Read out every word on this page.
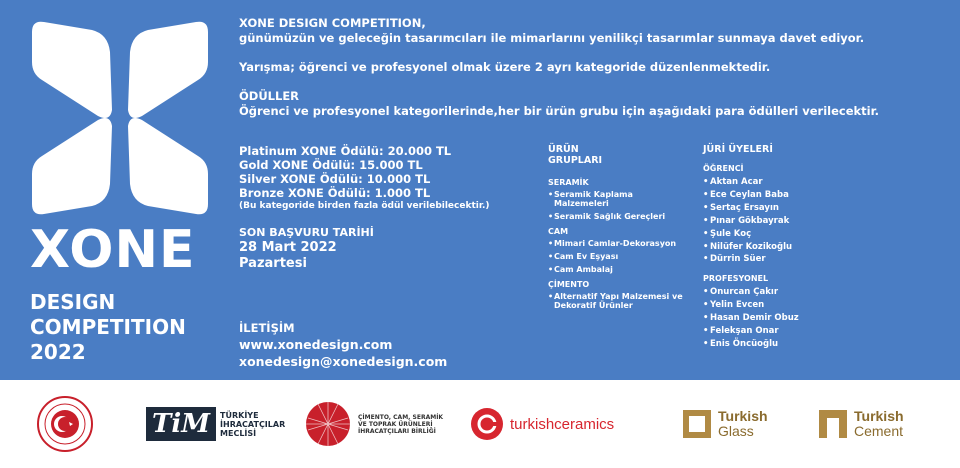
XONE
DESIGN
COMPETITION
2022

XONE DESIGN COMPETITION,
günümüzün ve geleceğin tasarımcıları ile mimarlarını yenilikçi tasarımlar sunmaya davet ediyor.

Yarışma; öğrenci ve profesyonel olmak üzere 2 ayrı kategoride düzenlenmektedir.

ÖDÜLLER
Öğrenci ve profesyonel kategorilerinde,her bir ürün grubu için aşağıdaki para ödülleri verilecektir.

Platinum XONE Ödülü: 20.000 TL
Gold XONE Ödülü: 15.000 TL
Silver XONE Ödülü: 10.000 TL
Bronze XONE Ödülü: 1.000 TL
(Bu kategoride birden fazla ödül verilebilecektir.)
SON BAŞVURU TARİHİ
28 Mart 2022
Pazartesi
İLETİŞİM
www.xonedesign.com
xonedesign@xonedesign.com
ÜRÜN
GRUPLARI
SERAMİK
• Seramik Kaplama Malzemeleri
• Seramik Sağlık Gereçleri
CAM
• Mimari Camlar-Dekorasyon
• Cam Ev Eşyası
• Cam Ambalaj
ÇİMENTO
• Alternatif Yapı Malzemesi ve Dekoratif Ürünler
JÜRİ ÜYELERİ
ÖĞRENCİ
• Aktan Acar
• Ece Ceylan Baba
• Sertaç Ersayın
• Pınar Gökbayrak
• Şule Koç
• Nilüfer Kozikoğlu
• Dürrin Süer
PROFESYONEL
• Onurcan Çakır
• Yelin Evcen
• Hasan Demir Obuz
• Felekşan Onar
• Enis Öncüoğlu
TiM	TÜRKİYE
İHRACATÇILAR
MECLİSİ
ÇİMENTO, CAM, SERAMİK
VE TOPRAK ÜRÜNLERİ
İHRACATÇILARI BİRLİĞİ	turkishceramics	Turkish
Glass
Turkish
Cement
